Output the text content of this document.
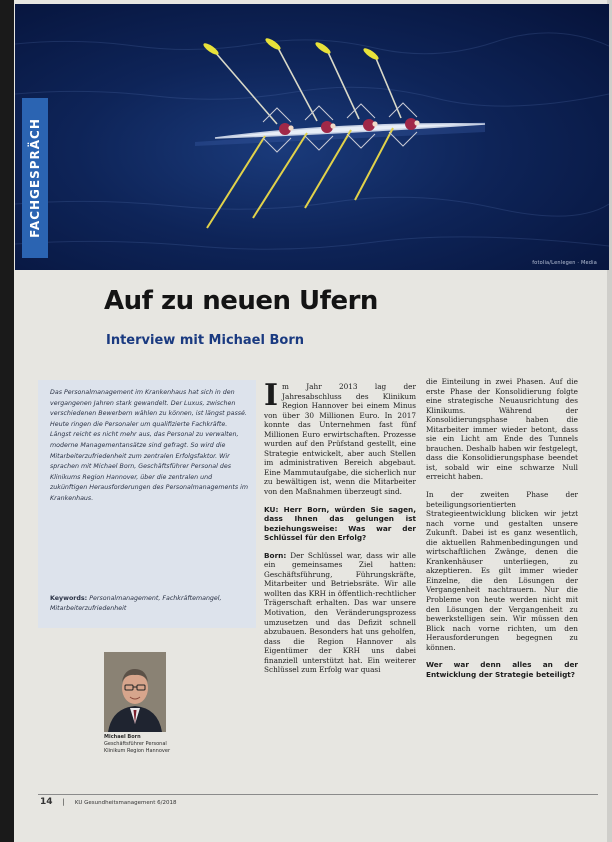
fotolia/Lenlegen · Media
FACHGESPRÄCH
Auf zu neuen Ufern
Interview mit Michael Born

Das Personalmanagement im Krankenhaus hat sich in den vergangenen Jahren stark gewandelt. Der Luxus, zwischen verschiedenen Bewerbern wählen zu können, ist längst passé. Heute ringen die Personaler um qualifizierte Fachkräfte. Längst reicht es nicht mehr aus, das Personal zu verwalten, moderne Managementansätze sind gefragt. So wird die Mitarbeiterzufriedenheit zum zentralen Erfolgsfaktor. Wir sprachen mit Michael Born, Geschäftsführer Personal des Klinikums Region Hannover, über die zentralen und zukünftigen Herausforderungen des Personalmanagements im Krankenhaus.

Keywords: Personalmanagement, Fachkräftemangel, Mitarbeiterzufriedenheit

Michael Born
Geschäftsführer Personal
Klinikum Region Hannover

Im Jahr 2013 lag der Jahresabschluss des Klinikum Region Hannover bei einem Minus von über 30 Millionen Euro. In 2017 konnte das Unternehmen fast fünf Millionen Euro erwirtschaften. Prozesse wurden auf den Prüfstand gestellt, eine Strategie entwickelt, aber auch Stellen im administrativen Bereich abgebaut. Eine Mammutaufgabe, die sicherlich nur zu bewältigen ist, wenn die Mitarbeiter von den Maßnahmen überzeugt sind.

KU: Herr Born, würden Sie sagen, dass Ihnen das gelungen ist beziehungsweise: Was war der Schlüssel für den Erfolg?

Born: Der Schlüssel war, dass wir alle ein gemeinsames Ziel hatten: Geschäftsführung, Führungskräfte, Mitarbeiter und Betriebsräte. Wir alle wollten das KRH in öffentlich-rechtlicher Trägerschaft erhalten. Das war unsere Motivation, den Veränderungsprozess umzusetzen und das Defizit schnell abzubauen. Besonders hat uns geholfen, dass die Region Hannover als Eigentümer der KRH uns dabei finanziell unterstützt hat. Ein weiterer Schlüssel zum Erfolg war quasi

die Einteilung in zwei Phasen. Auf die erste Phase der Konsolidierung folgte eine strategische Neuausrichtung des Klinikums. Während der Konsolidierungsphase haben die Mitarbeiter immer wieder betont, dass sie ein Licht am Ende des Tunnels brauchen. Deshalb haben wir festgelegt, dass die Konsolidierungsphase beendet ist, sobald wir eine schwarze Null erreicht haben.

In der zweiten Phase der beteiligungsorientierten Strategieentwicklung blicken wir jetzt nach vorne und gestalten unsere Zukunft. Dabei ist es ganz wesentlich, die aktuellen Rahmenbedingungen und wirtschaftlichen Zwänge, denen die Krankenhäuser unterliegen, zu akzeptieren. Es gilt immer wieder Einzelne, die den Lösungen der Vergangenheit nachtrauern. Nur die Probleme von heute werden nicht mit den Lösungen der Vergangenheit zu bewerkstelligen sein. Wir müssen den Blick nach vorne richten, um den Herausforderungen begegnen zu können.

Wer war denn alles an der Entwicklung der Strategie beteiligt?

14 | KU Gesundheitsmanagement 6/2018
